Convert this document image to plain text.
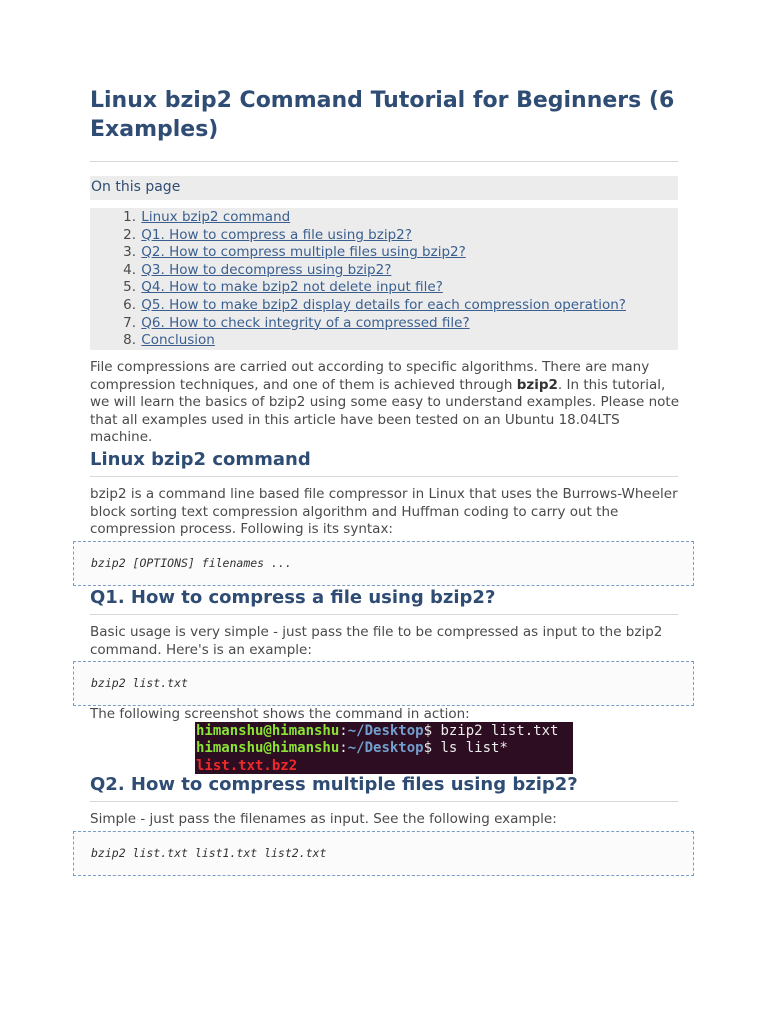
Linux bzip2 Command Tutorial for Beginners (6 Examples)
On this page
1. Linux bzip2 command
2. Q1. How to compress a file using bzip2?
3. Q2. How to compress multiple files using bzip2?
4. Q3. How to decompress using bzip2?
5. Q4. How to make bzip2 not delete input file?
6. Q5. How to make bzip2 display details for each compression operation?
7. Q6. How to check integrity of a compressed file?
8. Conclusion

File compressions are carried out according to specific algorithms. There are many compression techniques, and one of them is achieved through bzip2. In this tutorial, we will learn the basics of bzip2 using some easy to understand examples. Please note that all examples used in this article have been tested on an Ubuntu 18.04LTS machine.

Linux bzip2 command

bzip2 is a command line based file compressor in Linux that uses the Burrows-Wheeler block sorting text compression algorithm and Huffman coding to carry out the compression process. Following is its syntax:

bzip2 [OPTIONS] filenames ...
Q1. How to compress a file using bzip2?

Basic usage is very simple - just pass the file to be compressed as input to the bzip2 command. Here's is an example:

bzip2 list.txt

The following screenshot shows the command in action:

himanshu@himanshu:~/Desktop$ bzip2 list.txt
himanshu@himanshu:~/Desktop$ ls list*
list.txt.bz2
Q2. How to compress multiple files using bzip2?

Simple - just pass the filenames as input. See the following example:

bzip2 list.txt list1.txt list2.txt
